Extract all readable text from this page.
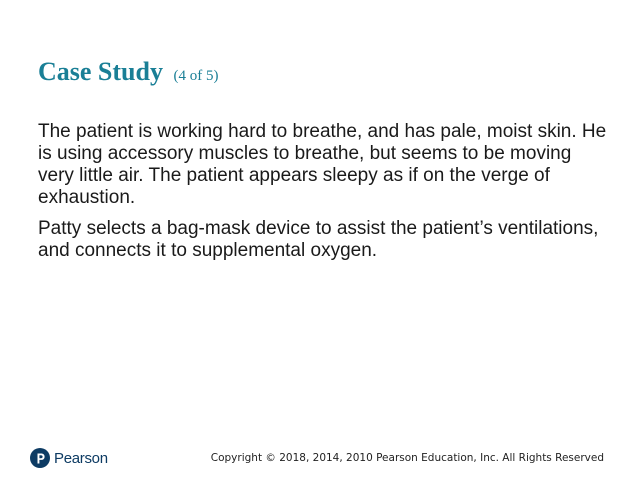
Case Study (4 of 5)

The patient is working hard to breathe, and has pale, moist skin. He is using accessory muscles to breathe, but seems to be moving very little air. The patient appears sleepy as if on the verge of exhaustion.

Patty selects a bag-mask device to assist the patient’s ventilations, and connects it to supplemental oxygen.

Pearson	Copyright © 2018, 2014, 2010 Pearson Education, Inc. All Rights Reserved
